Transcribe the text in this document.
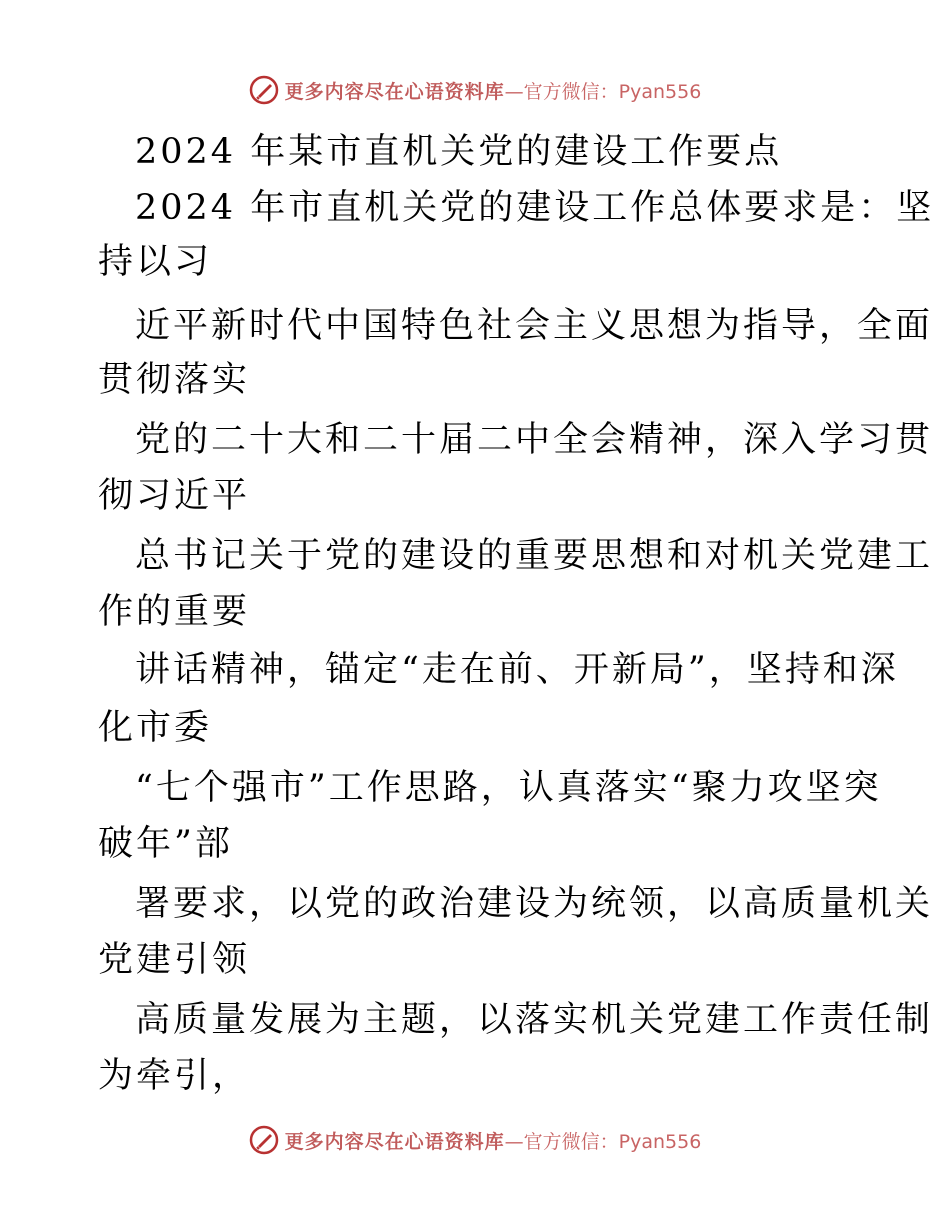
更多内容尽在心语资料库—官方微信：Pyan556
2024 年某市直机关党的建设工作要点
2024 年市直机关党的建设工作总体要求是：坚
持以习
近平新时代中国特色社会主义思想为指导，全面
贯彻落实
党的二十大和二十届二中全会精神，深入学习贯
彻习近平
总书记关于党的建设的重要思想和对机关党建工
作的重要
讲话精神，锚定“走在前、开新局”，坚持和深
化市委
“七个强市”工作思路，认真落实“聚力攻坚突
破年”部
署要求，以党的政治建设为统领，以高质量机关
党建引领
高质量发展为主题，以落实机关党建工作责任制
为牵引，
更多内容尽在心语资料库—官方微信：Pyan556
